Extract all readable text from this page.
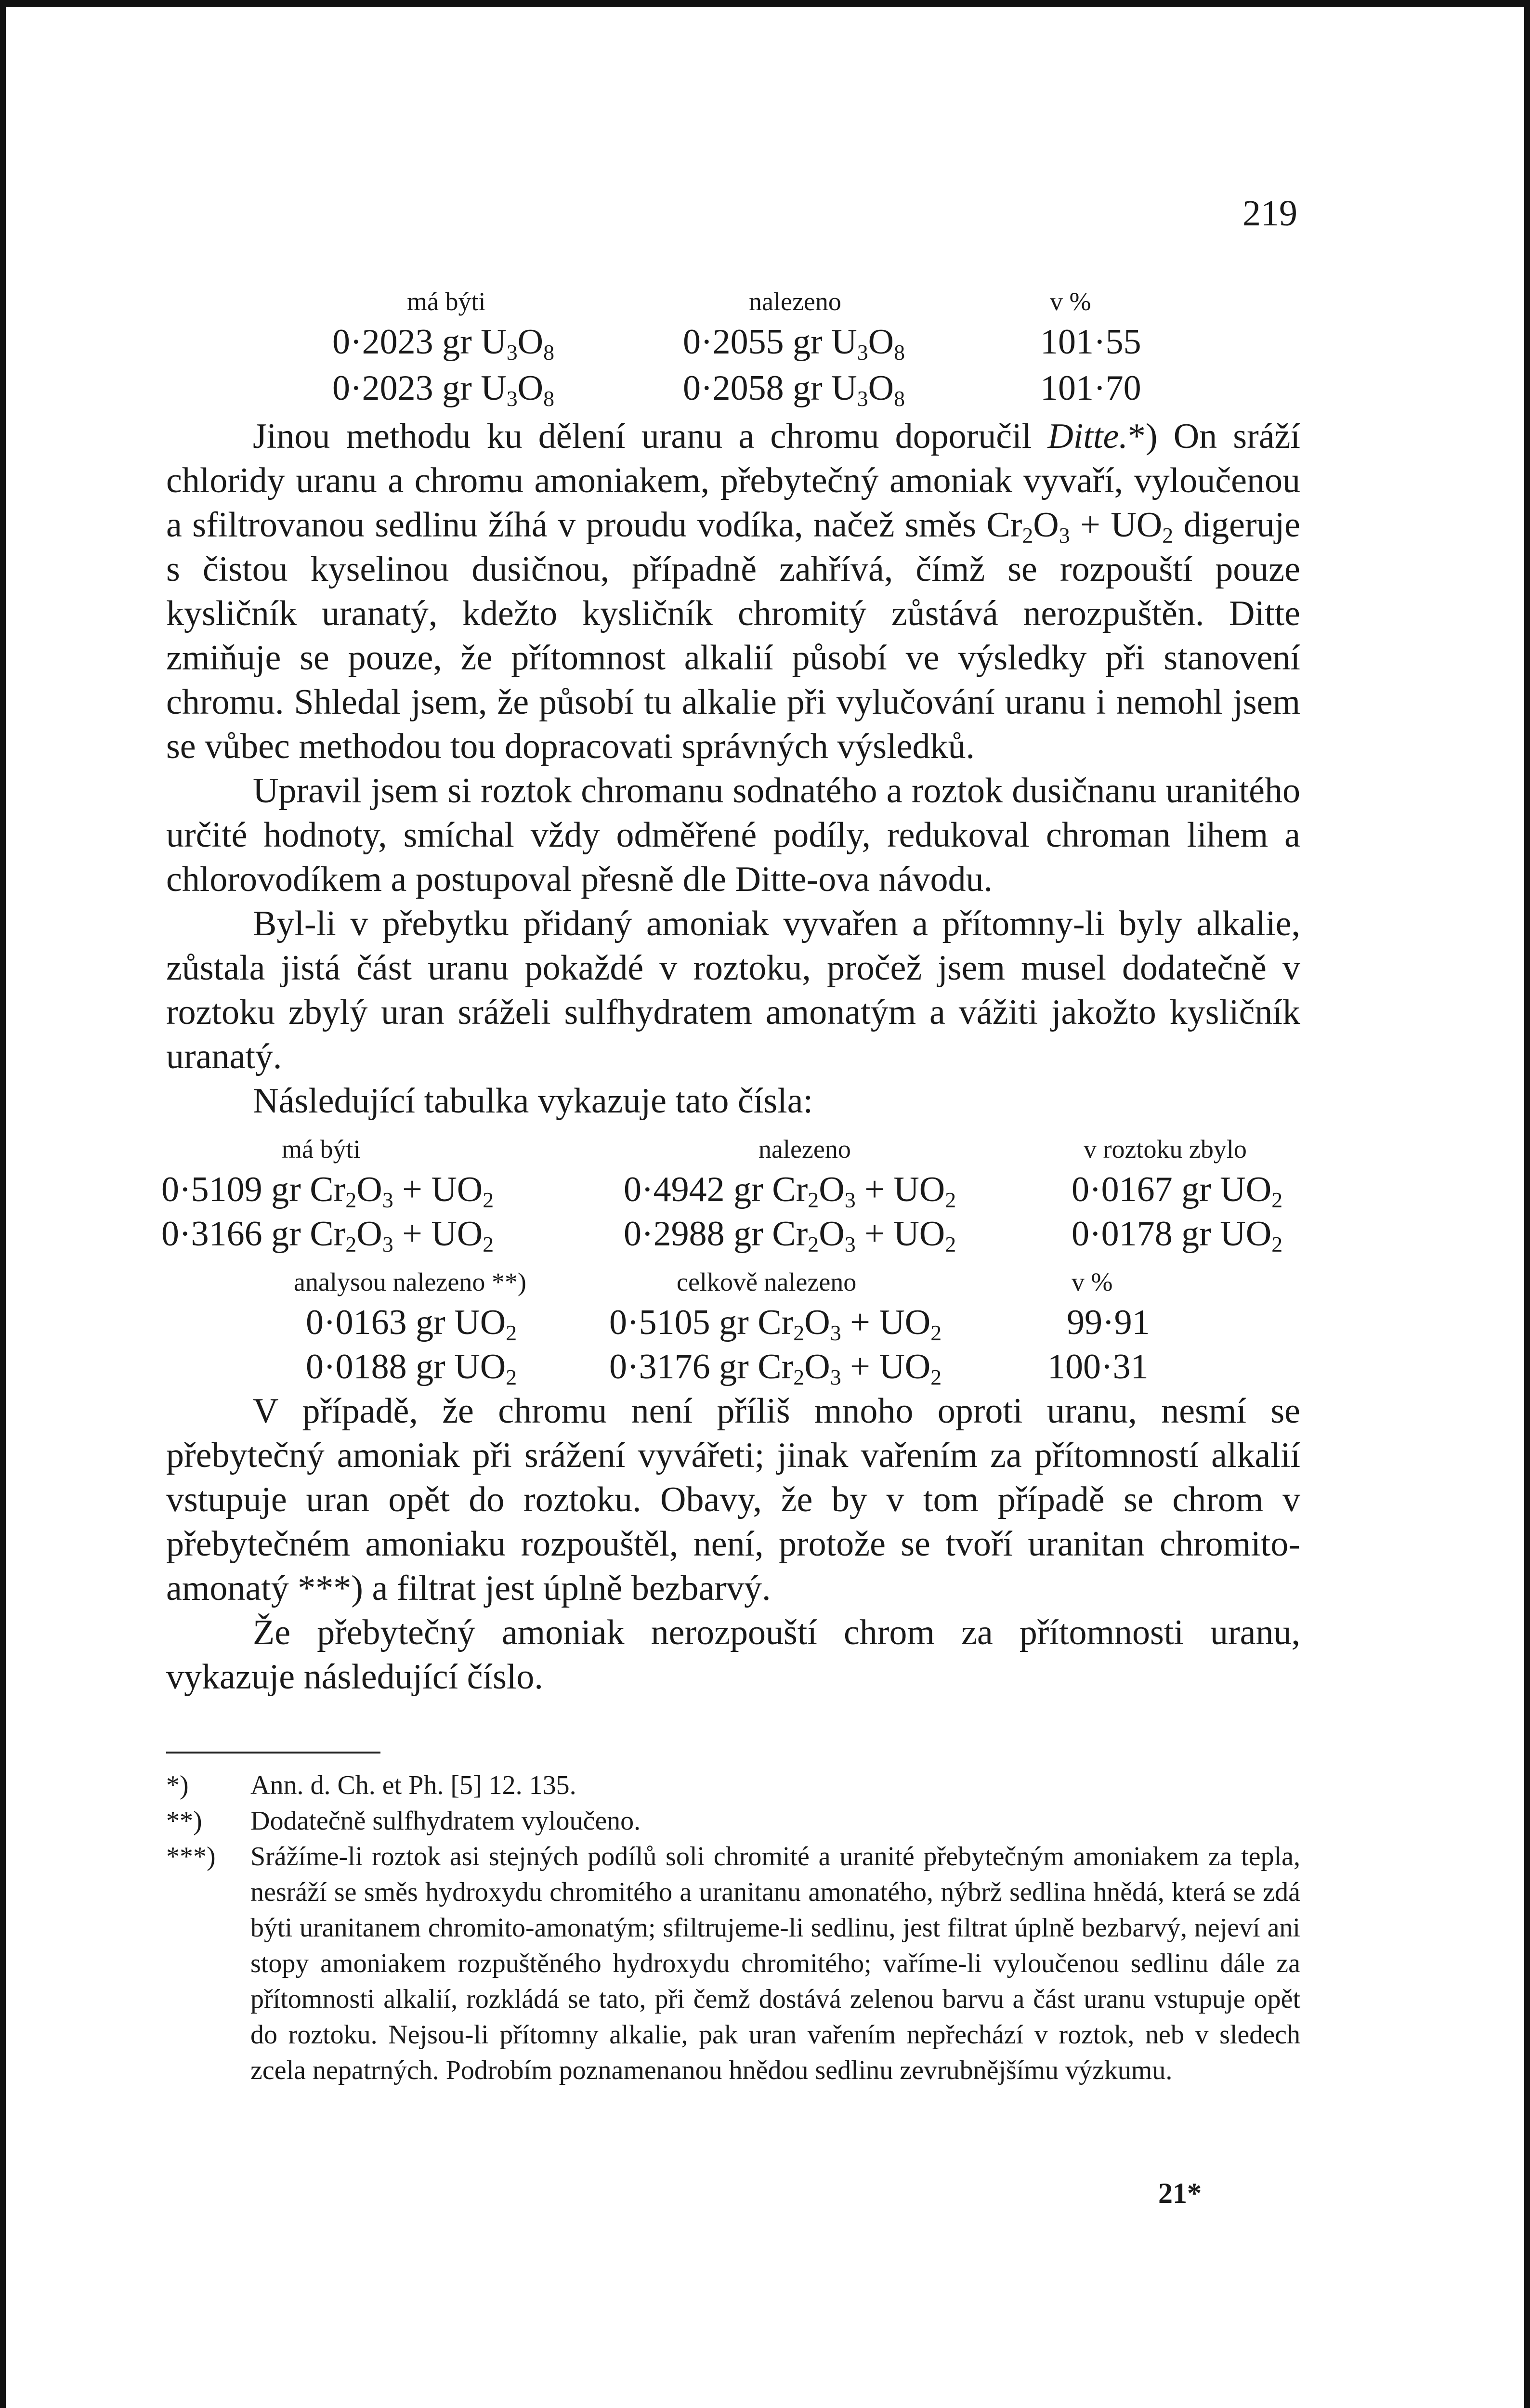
219
má býti	nalezeno	v %
0·2023 gr $U_3O_8$	0·2055 gr $U_3O_8$	101·55
0·2023 gr $U_3O_8$	0·2058 gr $U_3O_8$	101·70

Jinou methodu ku dělení uranu a chromu doporučil Ditte.*) On sráží chloridy uranu a chromu amoniakem, přebytečný amoniak vyvaří, vyloučenou a sfiltrovanou sedlinu žíhá v proudu vodíka, načež směs $Cr_2O_3 + UO_2$ digeruje s čistou kyselinou dusičnou, případně zahřívá, čímž se rozpouští pouze kysličník uranatý, kdežto kysličník chromitý zůstává nerozpuštěn. Ditte zmiňuje se pouze, že přítomnost alkalií působí ve výsledky při stanovení chromu. Shledal jsem, že působí tu alkalie při vylučování uranu i nemohl jsem se vůbec methodou tou dopracovati správných výsledků.

Upravil jsem si roztok chromanu sodnatého a roztok dusičnanu uranitého určité hodnoty, smíchal vždy odměřené podíly, redukoval chroman lihem a chlorovodíkem a postupoval přesně dle Ditte-ova návodu.

Byl-li v přebytku přidaný amoniak vyvařen a přítomny-li byly alkalie, zůstala jistá část uranu pokaždé v roztoku, pročež jsem musel dodatečně v roztoku zbylý uran sráželi sulfhydratem amonatým a vážiti jakožto kysličník uranatý.

Následující tabulka vykazuje tato čísla:

má býti	nalezeno	v roztoku zbylo
0·5109 gr $Cr_2O_3 + UO_2$	0·4942 gr $Cr_2O_3 + UO_2$	0·0167 gr $UO_2$
0·3166 gr $Cr_2O_3 + UO_2$	0·2988 gr $Cr_2O_3 + UO_2$	0·0178 gr $UO_2$
analysou nalezeno **)	celkově nalezeno	v %
0·0163 gr $UO_2$	0·5105 gr $Cr_2O_3 + UO_2$	99·91
0·0188 gr $UO_2$	0·3176 gr $Cr_2O_3 + UO_2$	100·31

V případě, že chromu není příliš mnoho oproti uranu, nesmí se přebytečný amoniak při srážení vyvářeti; jinak vařením za přítomností alkalií vstupuje uran opět do roztoku. Obavy, že by v tom případě se chrom v přebytečném amoniaku rozpouštěl, není, protože se tvoří uranitan chromito-amonatý ***) a filtrat jest úplně bezbarvý.

Že přebytečný amoniak nerozpouští chrom za přítomnosti uranu, vykazuje následující číslo.

*)	Ann. d. Ch. et Ph. [5] 12. 135.
**)	Dodatečně sulfhydratem vyloučeno.
***)	Srážíme-li roztok asi stejných podílů soli chromité a uranité přebytečným amoniakem za tepla, nesráží se směs hydroxydu chromitého a uranitanu amonatého, nýbrž sedlina hnědá, která se zdá býti uranitanem chromito-amonatým; sfiltrujeme-li sedlinu, jest filtrat úplně bezbarvý, nejeví ani stopy amoniakem rozpuštěného hydroxydu chromitého; vaříme-li vyloučenou sedlinu dále za přítomnosti alkalií, rozkládá se tato, při čemž dostává zelenou barvu a část uranu vstupuje opět do roztoku. Nejsou-li přítomny alkalie, pak uran vařením nepřechází v roztok, neb v sledech zcela nepatrných. Podrobím poznamenanou hnědou sedlinu zevrubnějšímu výzkumu.
21*
